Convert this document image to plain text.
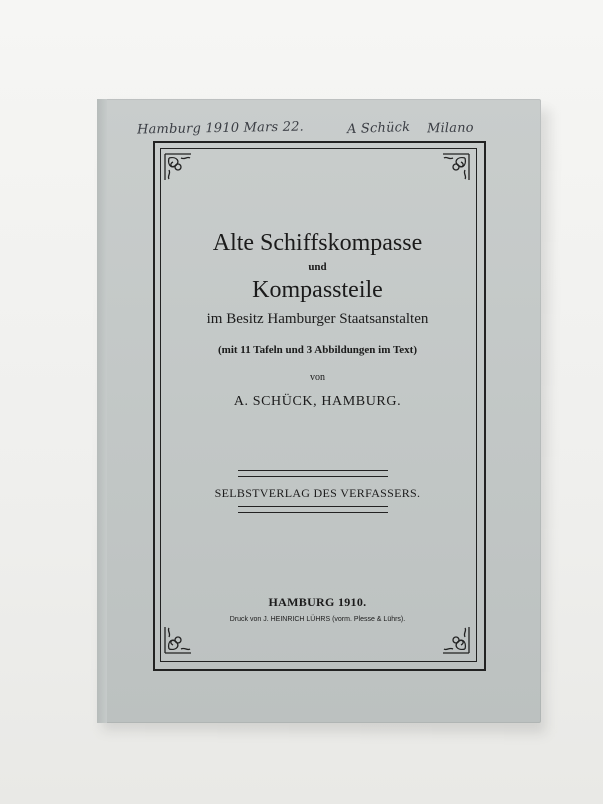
Hamburg 1910 Mars 22.	A Schück Milano
Alte Schiffskompasse
und
Kompassteile
im Besitz Hamburger Staatsanstalten
(mit 11 Tafeln und 3 Abbildungen im Text)
von
A. SCHÜCK, HAMBURG.
SELBSTVERLAG DES VERFASSERS.
HAMBURG 1910.
Druck von J. HEINRICH LÜHRS (vorm. Plesse & Lührs).
